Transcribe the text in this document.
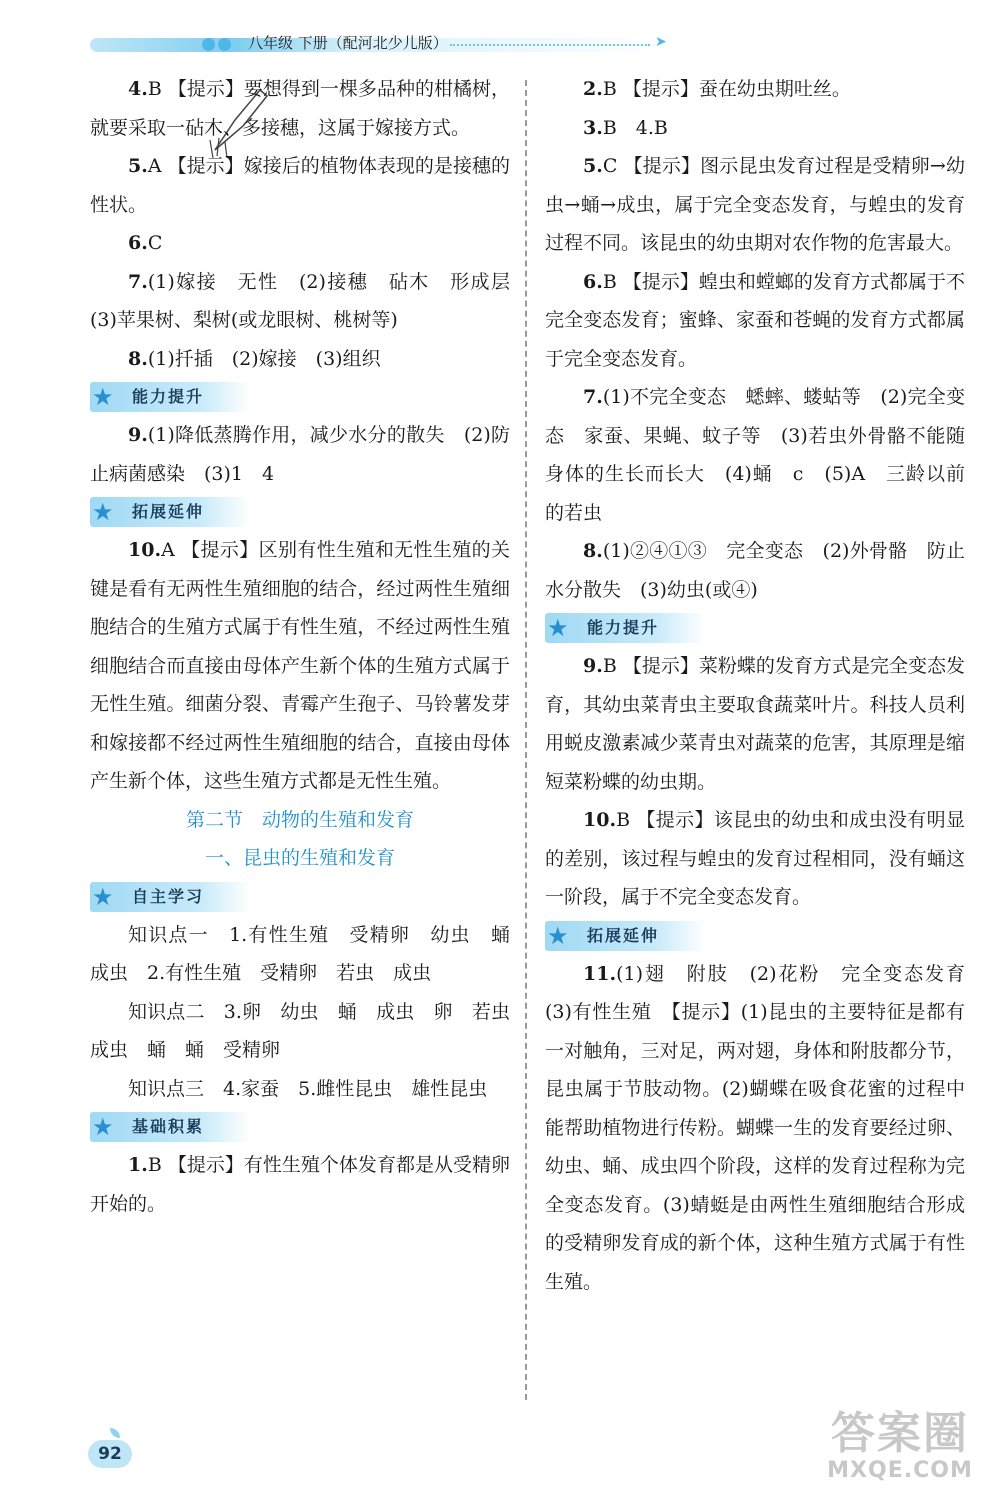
八年级 下册（配河北少儿版）	➤

4.B 【提示】要想得到一棵多品种的柑橘树，就要采取一砧木、多接穗，这属于嫁接方式。

5.A 【提示】嫁接后的植物体表现的是接穗的性状。

6.C

7.(1)嫁接　无性　(2)接穗　砧木　形成层　(3)苹果树、梨树(或龙眼树、桃树等)

8.(1)扦插　(2)嫁接　(3)组织

★ 能力提升

9.(1)降低蒸腾作用，减少水分的散失　(2)防止病菌感染　(3)1　4

★ 拓展延伸

10.A 【提示】区别有性生殖和无性生殖的关键是看有无两性生殖细胞的结合，经过两性生殖细胞结合的生殖方式属于有性生殖，不经过两性生殖细胞结合而直接由母体产生新个体的生殖方式属于无性生殖。细菌分裂、青霉产生孢子、马铃薯发芽和嫁接都不经过两性生殖细胞的结合，直接由母体产生新个体，这些生殖方式都是无性生殖。

第二节　动物的生殖和发育
一、昆虫的生殖和发育
★ 自主学习

知识点一　1.有性生殖　受精卵　幼虫　蛹　成虫　2.有性生殖　受精卵　若虫　成虫

知识点二　3.卵　幼虫　蛹　成虫　卵　若虫　成虫　蛹　蛹　受精卵

知识点三　4.家蚕　5.雌性昆虫　雄性昆虫

★ 基础积累

1.B 【提示】有性生殖个体发育都是从受精卵开始的。

2.B 【提示】蚕在幼虫期吐丝。

3.B　4.B

5.C 【提示】图示昆虫发育过程是受精卵→幼虫→蛹→成虫，属于完全变态发育，与蝗虫的发育过程不同。该昆虫的幼虫期对农作物的危害最大。

6.B 【提示】蝗虫和螳螂的发育方式都属于不完全变态发育；蜜蜂、家蚕和苍蝇的发育方式都属于完全变态发育。

7.(1)不完全变态　蟋蟀、蝼蛄等　(2)完全变态　家蚕、果蝇、蚊子等　(3)若虫外骨骼不能随身体的生长而长大　(4)蛹　c　(5)A　三龄以前的若虫

8.(1)②④①③　完全变态　(2)外骨骼　防止水分散失　(3)幼虫(或④)

★ 能力提升

9.B 【提示】菜粉蝶的发育方式是完全变态发育，其幼虫菜青虫主要取食蔬菜叶片。科技人员利用蜕皮激素减少菜青虫对蔬菜的危害，其原理是缩短菜粉蝶的幼虫期。

10.B 【提示】该昆虫的幼虫和成虫没有明显的差别，该过程与蝗虫的发育过程相同，没有蛹这一阶段，属于不完全变态发育。

★ 拓展延伸

11.(1)翅　附肢　(2)花粉　完全变态发育　(3)有性生殖　【提示】(1)昆虫的主要特征是都有一对触角，三对足，两对翅，身体和附肢都分节，昆虫属于节肢动物。(2)蝴蝶在吸食花蜜的过程中能帮助植物进行传粉。蝴蝶一生的发育要经过卵、幼虫、蛹、成虫四个阶段，这样的发育过程称为完全变态发育。(3)蜻蜓是由两性生殖细胞结合形成的受精卵发育成的新个体，这种生殖方式属于有性生殖。

92	答案圈
MXQE.COM
